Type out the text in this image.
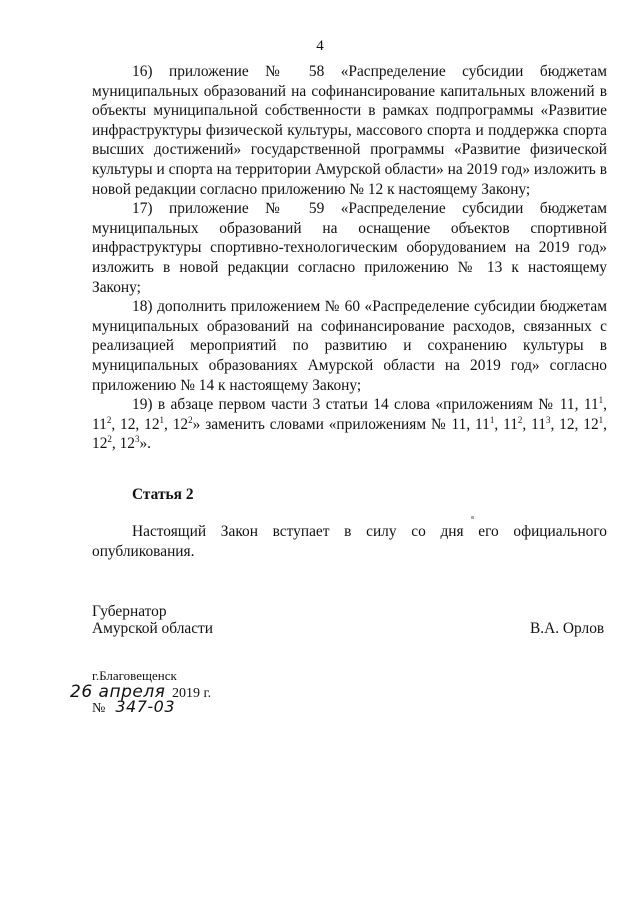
4

16) приложение № 58 «Распределение субсидии бюджетам муниципальных образований на софинансирование капитальных вложений в объекты муниципальной собственности в рамках подпрограммы «Развитие инфраструктуры физической культуры, массового спорта и поддержка спорта высших достижений» государственной программы «Развитие физической культуры и спорта на территории Амурской области» на 2019 год» изложить в новой редакции согласно приложению № 12 к настоящему Закону;

17) приложение № 59 «Распределение субсидии бюджетам муниципальных образований на оснащение объектов спортивной инфраструктуры спортивно-технологическим оборудованием на 2019 год» изложить в новой редакции согласно приложению № 13 к настоящему Закону;

18) дополнить приложением № 60 «Распределение субсидии бюджетам муниципальных образований на софинансирование расходов, связанных с реализацией мероприятий по развитию и сохранению культуры в муниципальных образованиях Амурской области на 2019 год» согласно приложению № 14 к настоящему Закону;

19) в абзаце первом части 3 статьи 14 слова «приложениям № 11, $11^1$, $11^2$, 12, $12^1$, $12^2$» заменить словами «приложениям № 11, $11^1$, $11^2$, $11^3$, 12, $12^1$, $12^2$, $12^3$».

Статья 2

Настоящий Закон вступает в силу со дня его официального опубликования.

Губернатор
Амурской области	В.А. Орлов
г.Благовещенск
26 апреля 2019 г.
№ 347-03
